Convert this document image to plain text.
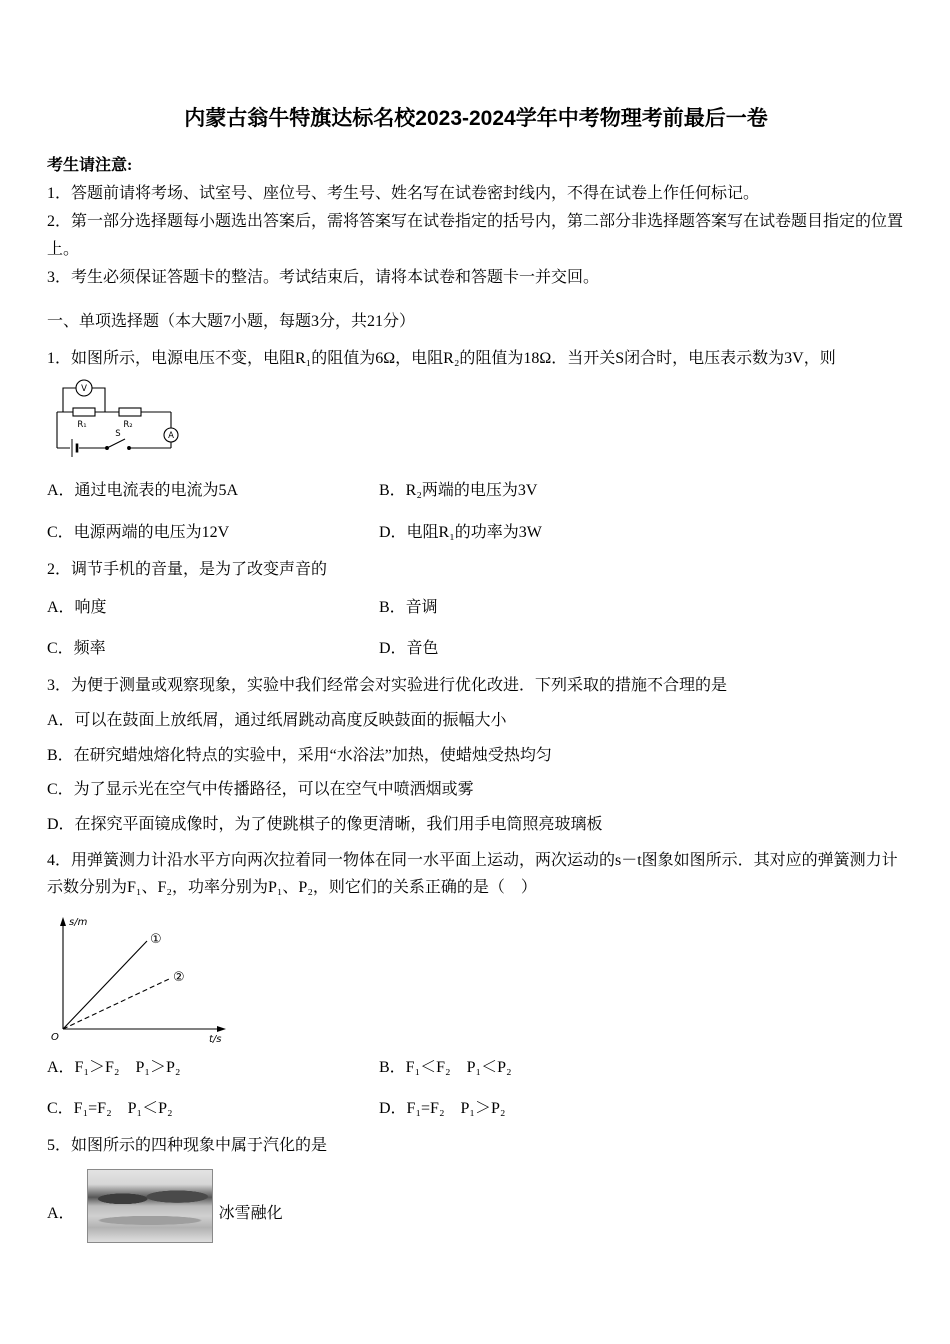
内蒙古翁牛特旗达标名校2023-2024学年中考物理考前最后一卷

考生请注意:

1．答题前请将考场、试室号、座位号、考生号、姓名写在试卷密封线内，不得在试卷上作任何标记。

2．第一部分选择题每小题选出答案后，需将答案写在试卷指定的括号内，第二部分非选择题答案写在试卷题目指定的位置上。

3．考生必须保证答题卡的整洁。考试结束后，请将本试卷和答题卡一并交回。

一、单项选择题（本大题7小题，每题3分，共21分）

1．如图所示，电源电压不变，电阻R₁的阻值为6Ω，电阻R₂的阻值为18Ω．当开关S闭合时，电压表示数为3V，则

V
A
R₁	R₂
S
A．通过电流表的电流为5A	B．R₂两端的电压为3V
C．电源两端的电压为12V	D．电阻R₁的功率为3W

2．调节手机的音量，是为了改变声音的

A．响度	B．音调
C．频率	D．音色

3．为便于测量或观察现象，实验中我们经常会对实验进行优化改进．下列采取的措施不合理的是

A．可以在鼓面上放纸屑，通过纸屑跳动高度反映鼓面的振幅大小
B．在研究蜡烛熔化特点的实验中，采用“水浴法”加热，使蜡烛受热均匀
C．为了显示光在空气中传播路径，可以在空气中喷洒烟或雾
D．在探究平面镜成像时，为了使跳棋子的像更清晰，我们用手电筒照亮玻璃板

4．用弹簧测力计沿水平方向两次拉着同一物体在同一水平面上运动，两次运动的s－t图象如图所示．其对应的弹簧测力计示数分别为F₁、F₂，功率分别为P₁、P₂，则它们的关系正确的是（　）

s/m
t/s
O
①
②
A．F₁＞F₂　P₁＞P₂	B．F₁＜F₂　P₁＜P₂
C．F₁=F₂　P₁＜P₂	D．F₁=F₂　P₁＞P₂

5．如图所示的四种现象中属于汽化的是

A．	冰雪融化
